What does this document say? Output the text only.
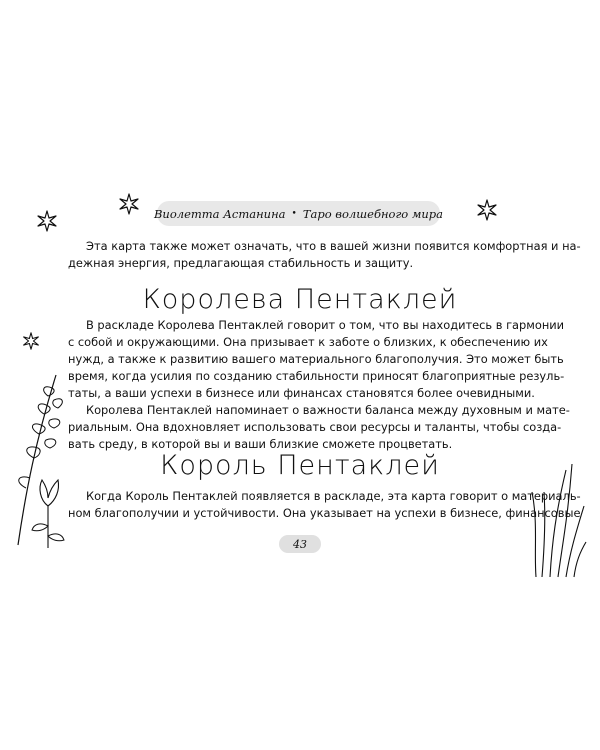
Виолетта Астанина • Таро волшебного мира
Эта карта также может означать, что в вашей жизни появится комфортная и на-
дежная энергия, предлагающая стабильность и защиту.
Королева Пентаклей
В раскладе Королева Пентаклей говорит о том, что вы находитесь в гармонии
с собой и окружающими. Она призывает к заботе о близких, к обеспечению их
нужд, а также к развитию вашего материального благополучия. Это может быть
время, когда усилия по созданию стабильности приносят благоприятные резуль-
таты, а ваши успехи в бизнесе или финансах становятся более очевидными.
Королева Пентаклей напоминает о важности баланса между духовным и мате-
риальным. Она вдохновляет использовать свои ресурсы и таланты, чтобы созда-
вать среду, в которой вы и ваши близкие сможете процветать.
Король Пентаклей
Когда Король Пентаклей появляется в раскладе, эта карта говорит о материаль-
ном благополучии и устойчивости. Она указывает на успехи в бизнесе, финансовые
43
